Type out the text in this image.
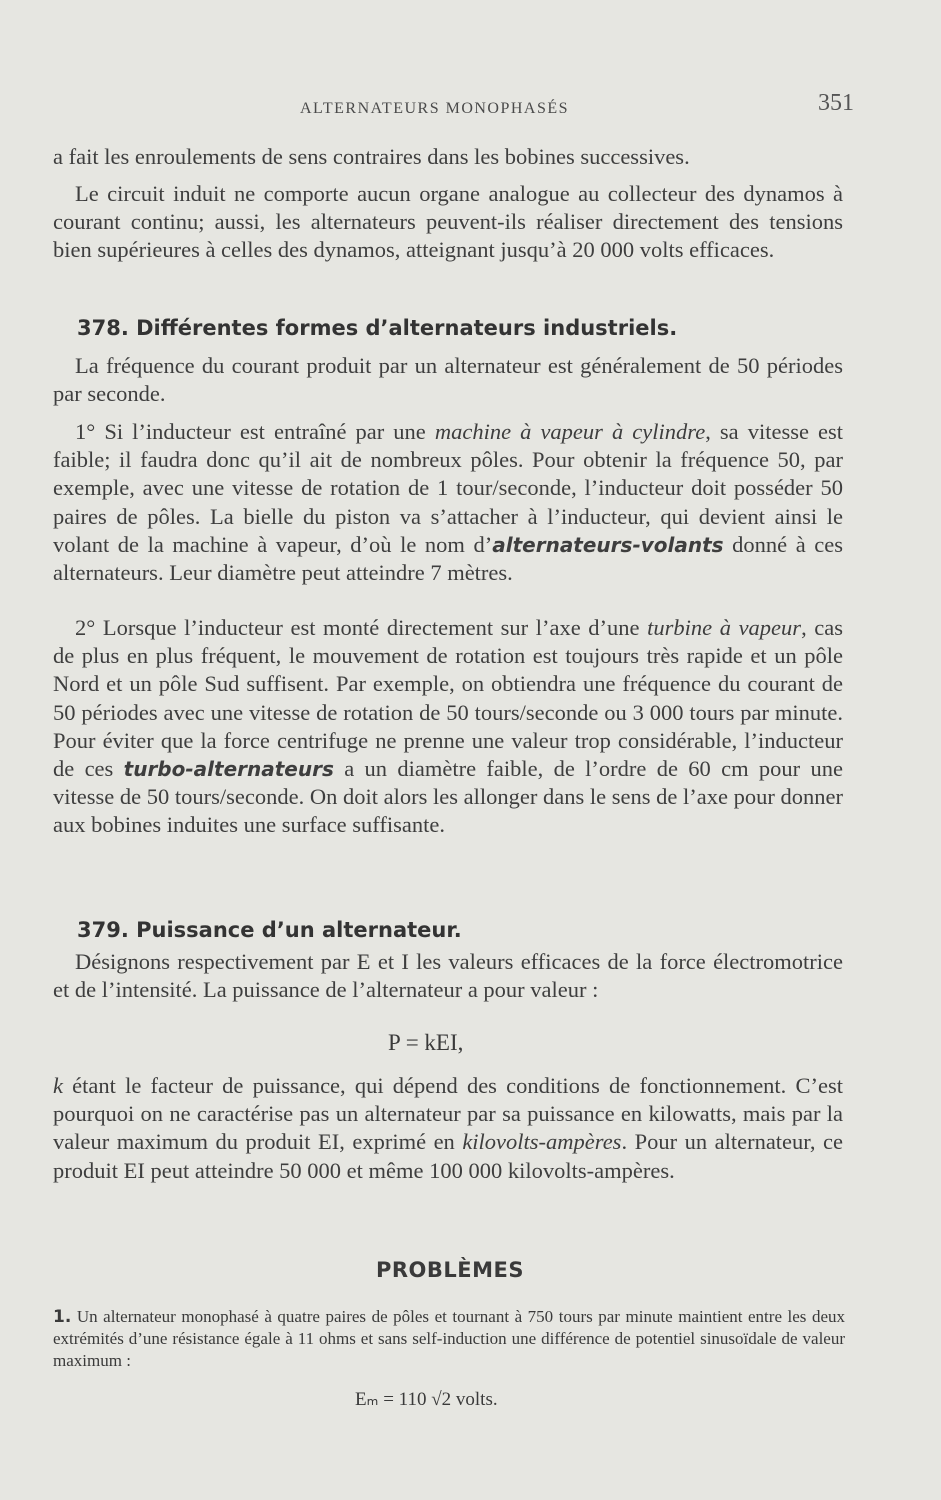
ALTERNATEURS MONOPHASÉS	351
a fait les enroulements de sens contraires dans les bobines successives.
Le circuit induit ne comporte aucun organe analogue au collecteur des dynamos à courant continu; aussi, les alternateurs peuvent-ils réaliser directement des tensions bien supérieures à celles des dynamos, atteignant jusqu’à 20 000 volts efficaces.
378. Différentes formes d’alternateurs industriels.
La fréquence du courant produit par un alternateur est généralement de 50 périodes par seconde.
1° Si l’inducteur est entraîné par une machine à vapeur à cylindre, sa vitesse est faible; il faudra donc qu’il ait de nombreux pôles. Pour obtenir la fréquence 50, par exemple, avec une vitesse de rotation de 1 tour/seconde, l’inducteur doit posséder 50 paires de pôles. La bielle du piston va s’attacher à l’inducteur, qui devient ainsi le volant de la machine à vapeur, d’où le nom d’alternateurs-volants donné à ces alternateurs. Leur diamètre peut atteindre 7 mètres.
2° Lorsque l’inducteur est monté directement sur l’axe d’une turbine à vapeur, cas de plus en plus fréquent, le mouvement de rotation est toujours très rapide et un pôle Nord et un pôle Sud suffisent. Par exemple, on obtiendra une fréquence du courant de 50 périodes avec une vitesse de rotation de 50 tours/seconde ou 3 000 tours par minute. Pour éviter que la force centrifuge ne prenne une valeur trop considérable, l’inducteur de ces turbo-alternateurs a un diamètre faible, de l’ordre de 60 cm pour une vitesse de 50 tours/seconde. On doit alors les allonger dans le sens de l’axe pour donner aux bobines induites une surface suffisante.
379. Puissance d’un alternateur.
Désignons respectivement par E et I les valeurs efficaces de la force électromotrice et de l’intensité. La puissance de l’alternateur a pour valeur :
P = kEI,
k étant le facteur de puissance, qui dépend des conditions de fonctionnement. C’est pourquoi on ne caractérise pas un alternateur par sa puissance en kilowatts, mais par la valeur maximum du produit EI, exprimé en kilovolts-ampères. Pour un alternateur, ce produit EI peut atteindre 50 000 et même 100 000 kilovolts-ampères.
PROBLÈMES
1. Un alternateur monophasé à quatre paires de pôles et tournant à 750 tours par minute maintient entre les deux extrémités d’une résistance égale à 11 ohms et sans self-induction une différence de potentiel sinusoïdale de valeur maximum :
Eₘ = 110 √2 volts.
